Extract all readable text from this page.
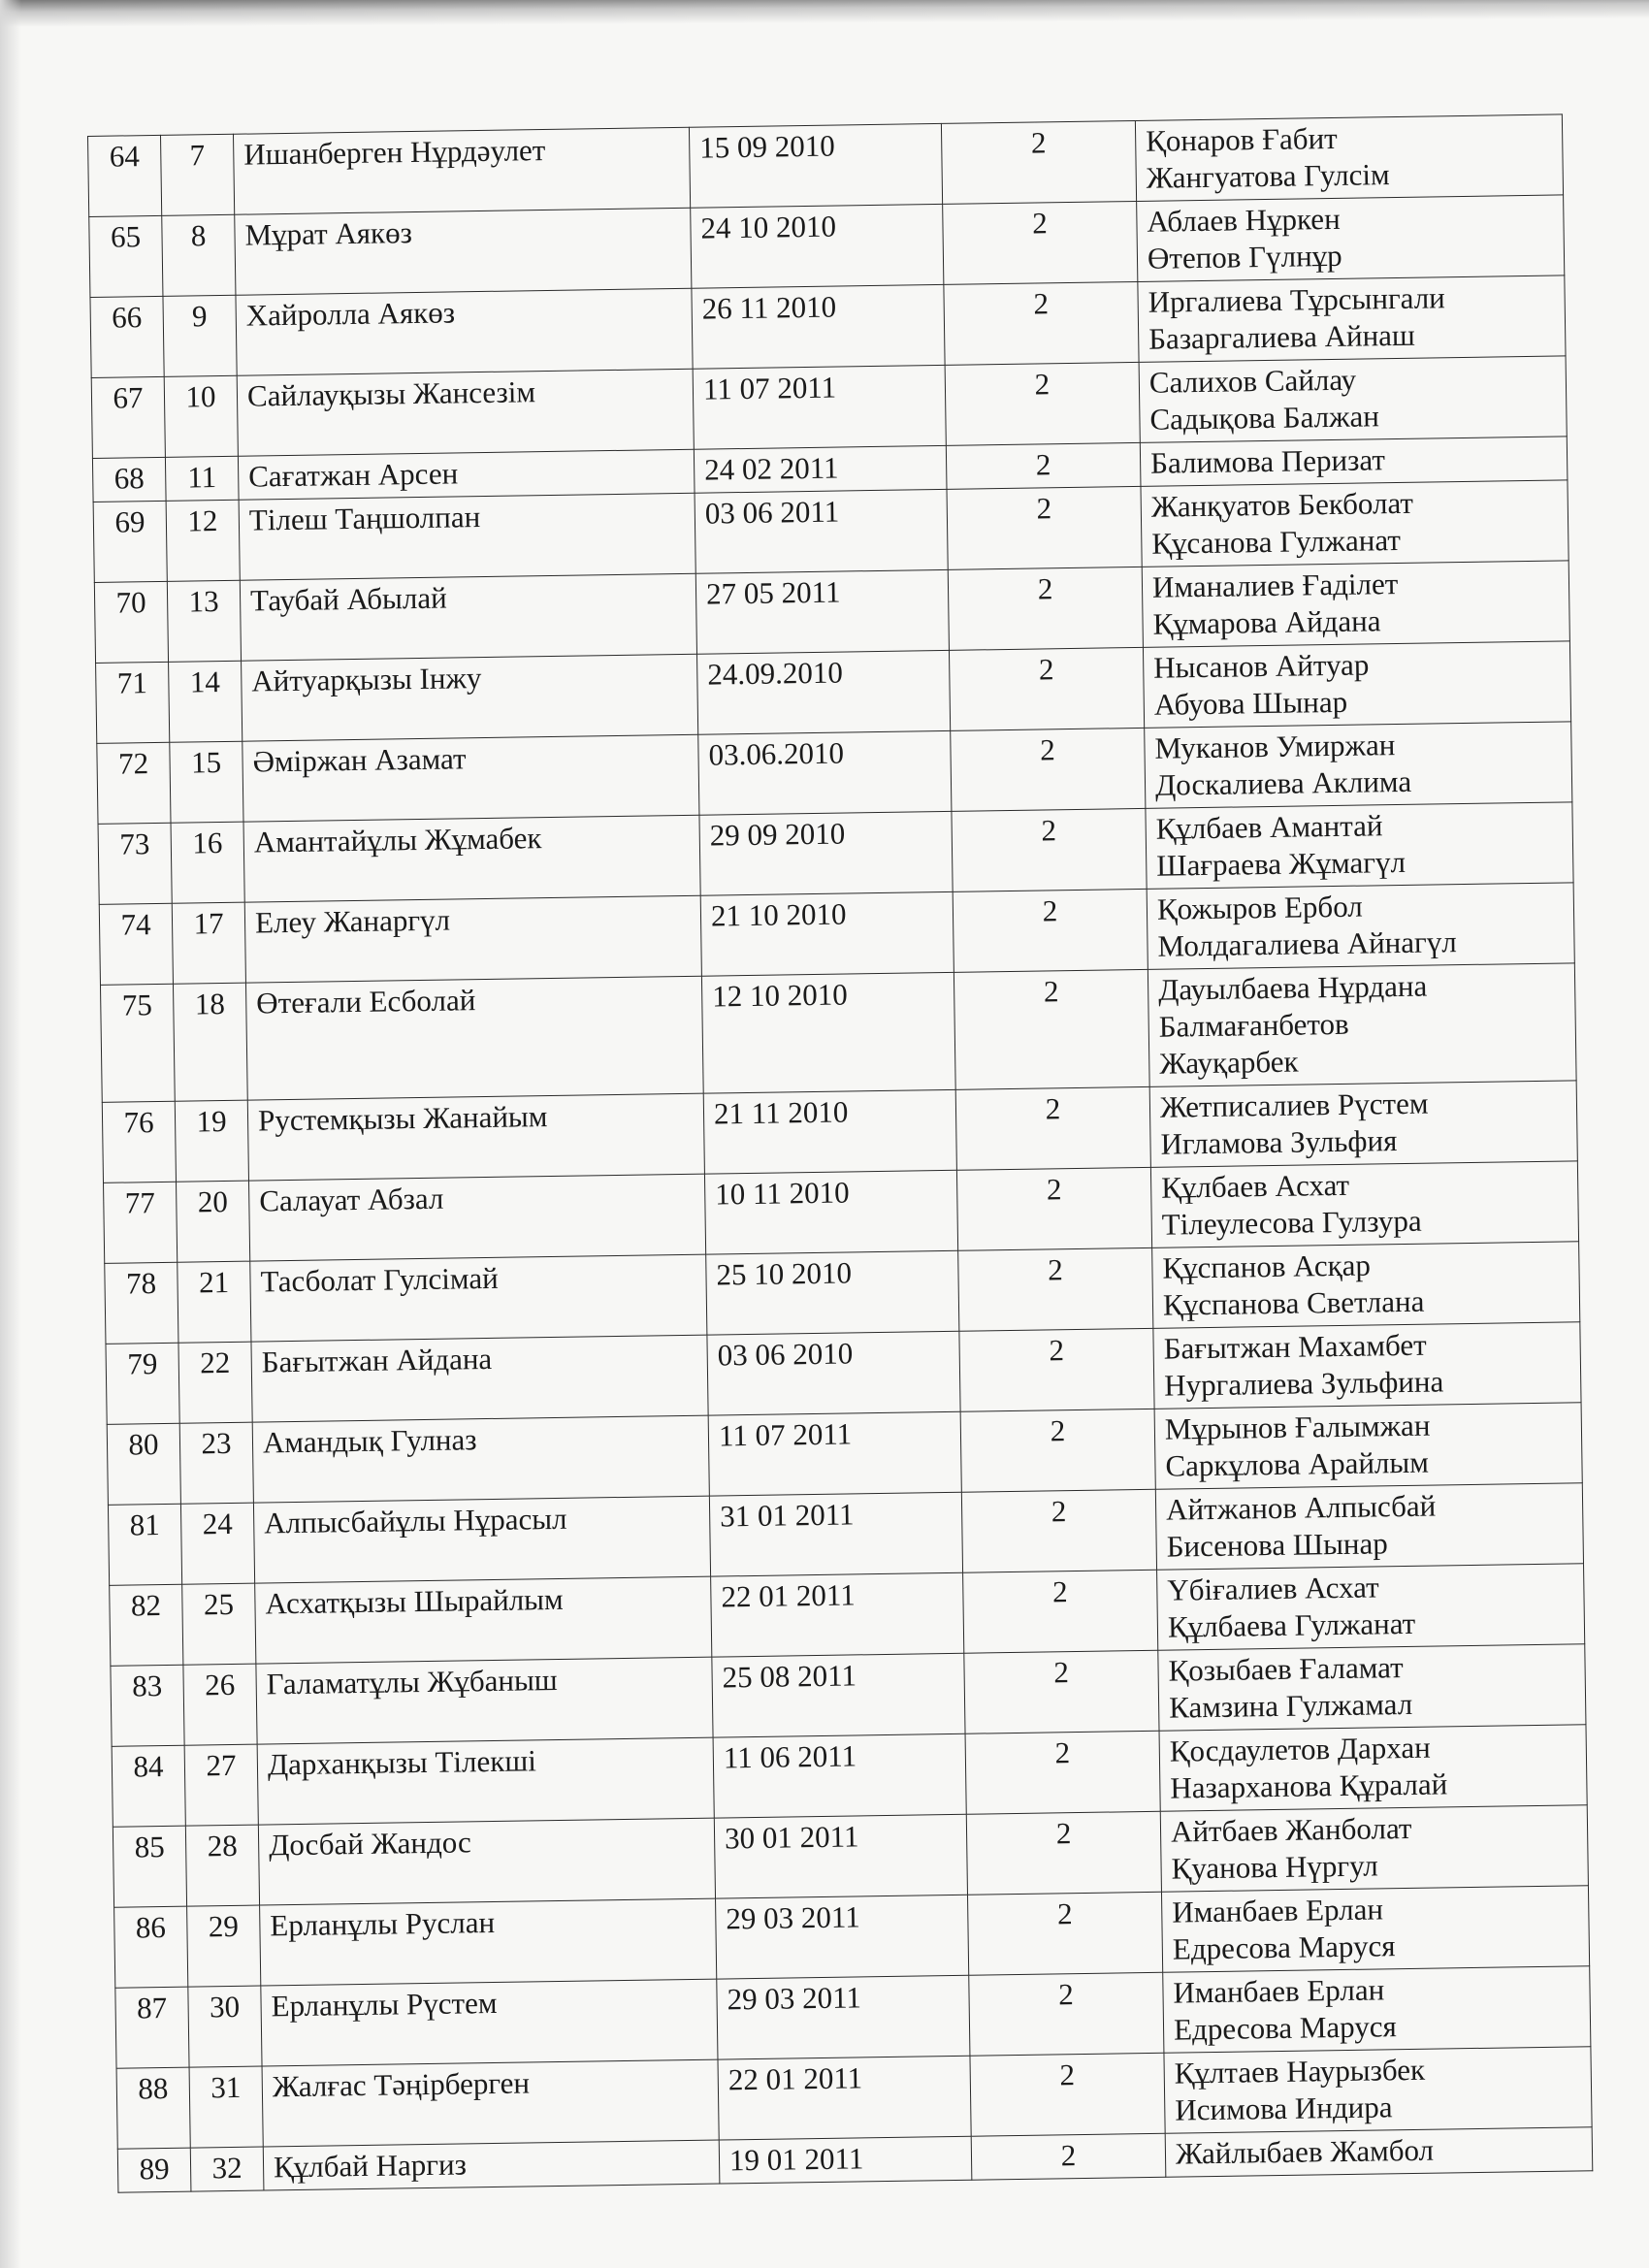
64	7	Ишанберген Нұрдәулет	15 09 2010	2	Қонаров Ғабит
Жангуатова Гулсім

65	8	Мұрат Аякөз	24 10 2010	2	Аблаев Нұркен
Өтепов Гүлнұр

66	9	Хайролла Аякөз	26 11 2010	2	Иргалиева Тұрсынгали
Базаргалиева Айнаш

67	10	Сайлауқызы Жансезім	11 07 2011	2	Салихов Сайлау
Садықова Балжан

68	11	Сағатжан Арсен	24 02 2011	2	Балимова Перизат

69	12	Тілеш Таңшолпан	03 06 2011	2	Жанқуатов Бекболат
Құсанова Гулжанат

70	13	Таубай Абылай	27 05 2011	2	Иманалиев Ғаділет
Құмарова Айдана

71	14	Айтуарқызы Інжу	24.09.2010	2	Нысанов Айтуар
Абуова Шынар

72	15	Әміржан Азамат	03.06.2010	2	Муканов Умиржан
Доскалиева Аклима

73	16	Амантайұлы Жұмабек	29 09 2010	2	Құлбаев Амантай
Шағраева Жұмагүл

74	17	Елеу Жанаргүл	21 10 2010	2	Қожыров Ербол
Молдагалиева Айнагүл

75	18	Өтеғали Есболай	12 10 2010	2	Дауылбаева Нұрдана
Балмағанбетов
Жауқарбек

76	19	Рустемқызы Жанайым	21 11 2010	2	Жетписалиев Рүстем
Игламова Зульфия

77	20	Салауат Абзал	10 11 2010	2	Құлбаев Асхат
Тілеулесова Гулзура

78	21	Тасболат Гулсімай	25 10 2010	2	Құспанов Асқар
Құспанова Светлана

79	22	Бағытжан Айдана	03 06 2010	2	Бағытжан Махамбет
Нургалиева Зульфина

80	23	Амандық Гулназ	11 07 2011	2	Мұрынов Ғалымжан
Саркұлова Арайлым

81	24	Алпысбайұлы Нұрасыл	31 01 2011	2	Айтжанов Алпысбай
Бисенова Шынар

82	25	Асхатқызы Шырайлым	22 01 2011	2	Үбіғалиев Асхат
Құлбаева Гулжанат

83	26	Галаматұлы Жұбаныш	25 08 2011	2	Қозыбаев Ғаламат
Камзина Гулжамал

84	27	Дарханқызы Тілекші	11 06 2011	2	Қосдаулетов Дархан
Назарханова Құралай

85	28	Досбай Жандос	30 01 2011	2	Айтбаев Жанболат
Қуанова Нүргул

86	29	Ерланұлы Руслан	29 03 2011	2	Иманбаев Ерлан
Едресова Маруся

87	30	Ерланұлы Рүстем	29 03 2011	2	Иманбаев Ерлан
Едресова Маруся

88	31	Жалғас Тәңірберген	22 01 2011	2	Құлтаев Наурызбек
Исимова Индира

89	32	Құлбай Наргиз	19 01 2011	2	Жайлыбаев Жамбол
